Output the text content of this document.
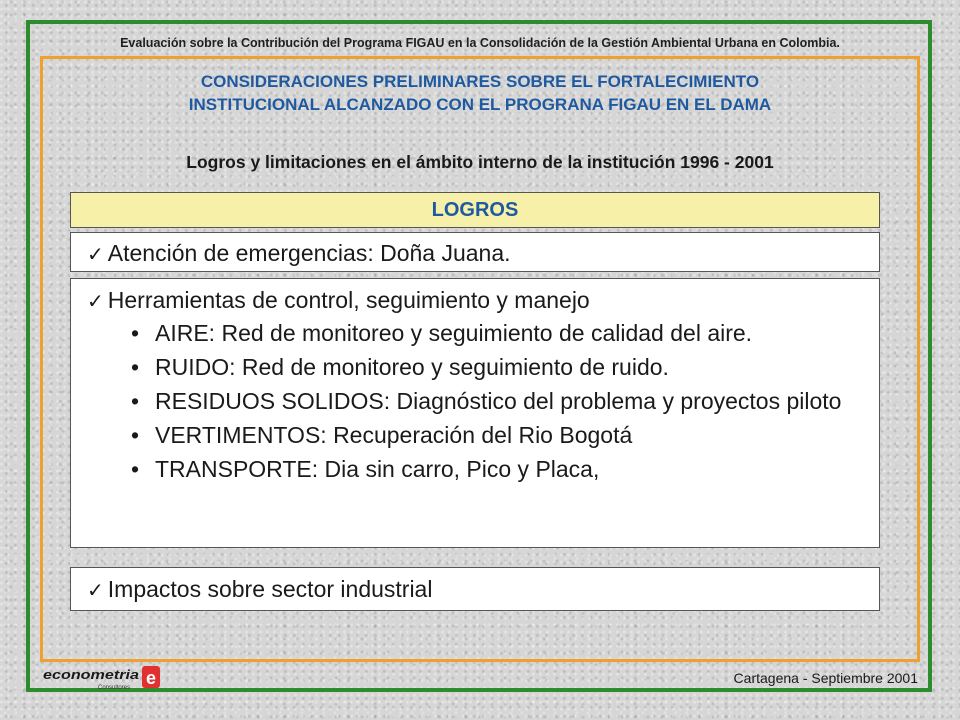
Evaluación sobre la Contribución del Programa FIGAU en la Consolidación de la Gestión Ambiental Urbana en Colombia.
CONSIDERACIONES PRELIMINARES SOBRE EL FORTALECIMIENTO
INSTITUCIONAL ALCANZADO CON EL PROGRANA FIGAU EN EL DAMA
Logros y limitaciones en el ámbito interno de la institución 1996 - 2001
LOGROS
✓ Atención de emergencias: Doña Juana.
✓ Herramientas de control, seguimiento y manejo
• AIRE: Red de monitoreo y seguimiento de calidad del aire.
• RUIDO: Red de monitoreo y seguimiento de ruido.
• RESIDUOS SOLIDOS: Diagnóstico del problema y proyectos piloto
• VERTIMENTOS: Recuperación del Rio Bogotá
• TRANSPORTE: Dia sin carro, Pico y Placa,
✓ Impactos sobre sector industrial
e
econometria
Consultores
Cartagena - Septiembre 2001
